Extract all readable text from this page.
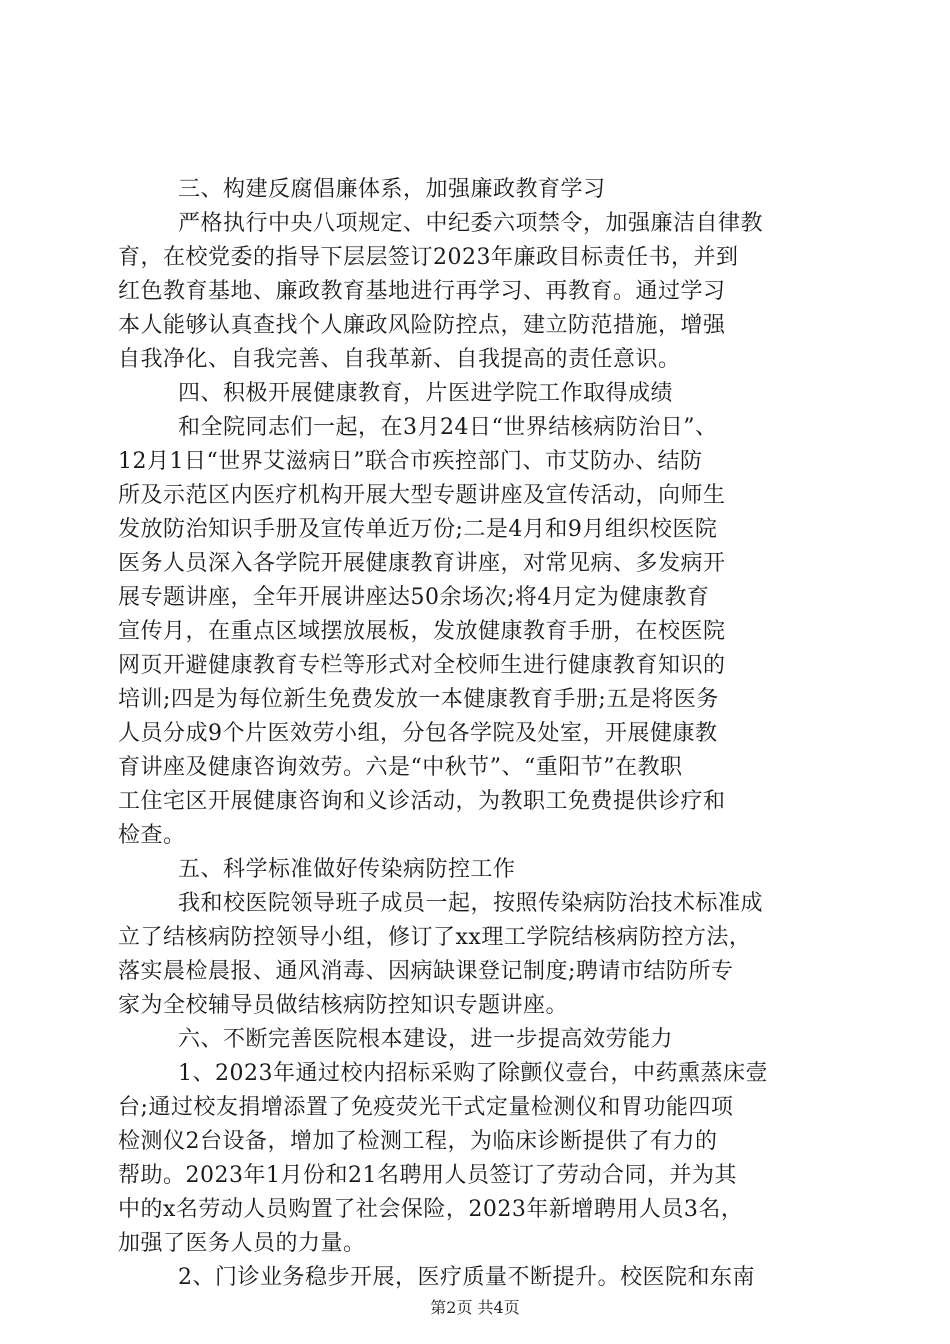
三、构建反腐倡廉体系，加强廉政教育学习
严格执行中央八项规定、中纪委六项禁令，加强廉洁自律教
育，在校党委的指导下层层签订2023年廉政目标责任书，并到
红色教育基地、廉政教育基地进行再学习、再教育。通过学习
本人能够认真查找个人廉政风险防控点，建立防范措施，增强
自我净化、自我完善、自我革新、自我提高的责任意识。
四、积极开展健康教育，片医进学院工作取得成绩
和全院同志们一起，在3月24日“世界结核病防治日”、
12月1日“世界艾滋病日”联合市疾控部门、市艾防办、结防
所及示范区内医疗机构开展大型专题讲座及宣传活动，向师生
发放防治知识手册及宣传单近万份;二是4月和9月组织校医院
医务人员深入各学院开展健康教育讲座，对常见病、多发病开
展专题讲座，全年开展讲座达50余场次;将4月定为健康教育
宣传月，在重点区域摆放展板，发放健康教育手册，在校医院
网页开避健康教育专栏等形式对全校师生进行健康教育知识的
培训;四是为每位新生免费发放一本健康教育手册;五是将医务
人员分成9个片医效劳小组，分包各学院及处室，开展健康教
育讲座及健康咨询效劳。六是“中秋节”、“重阳节”在教职
工住宅区开展健康咨询和义诊活动，为教职工免费提供诊疗和
检查。
五、科学标准做好传染病防控工作
我和校医院领导班子成员一起，按照传染病防治技术标准成
立了结核病防控领导小组，修订了xx理工学院结核病防控方法，
落实晨检晨报、通风消毒、因病缺课登记制度;聘请市结防所专
家为全校辅导员做结核病防控知识专题讲座。
六、不断完善医院根本建设，进一步提高效劳能力
1、2023年通过校内招标采购了除颤仪壹台，中药熏蒸床壹
台;通过校友捐增添置了免疫荧光干式定量检测仪和胃功能四项
检测仪2台设备，增加了检测工程，为临床诊断提供了有力的
帮助。2023年1月份和21名聘用人员签订了劳动合同，并为其
中的x名劳动人员购置了社会保险，2023年新增聘用人员3名，
加强了医务人员的力量。
2、门诊业务稳步开展，医疗质量不断提升。校医院和东南
第2页 共4页
